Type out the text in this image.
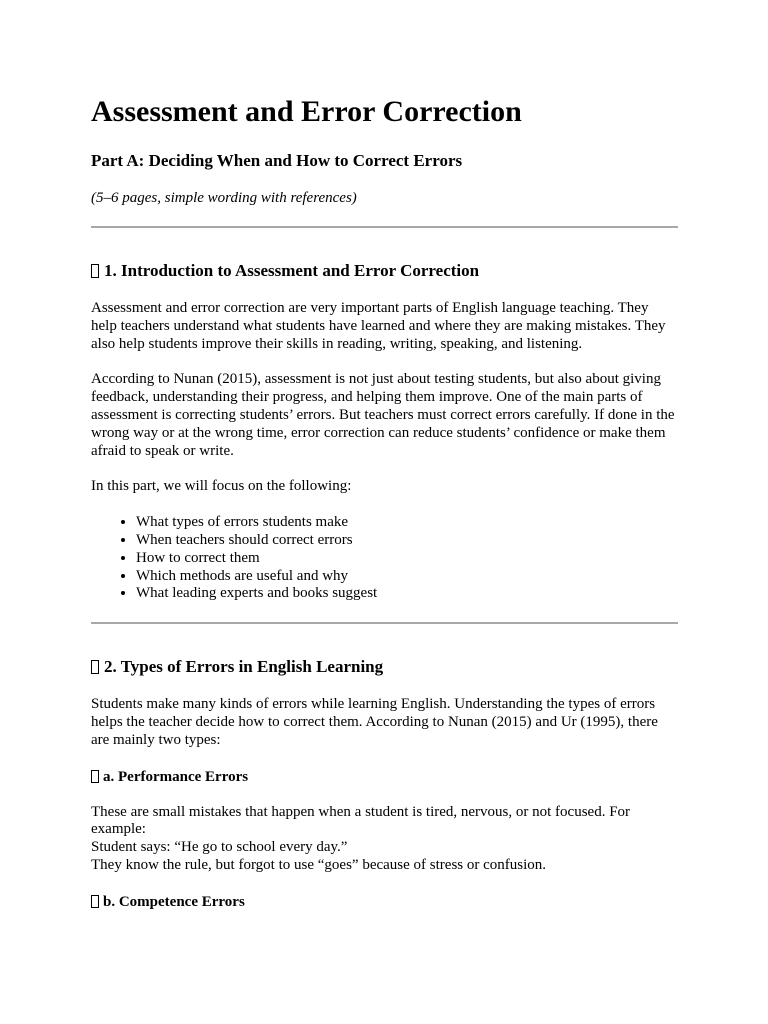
Assessment and Error Correction
Part A: Deciding When and How to Correct Errors

(5–6 pages, simple wording with references)

1. Introduction to Assessment and Error Correction

Assessment and error correction are very important parts of English language teaching. They help teachers understand what students have learned and where they are making mistakes. They also help students improve their skills in reading, writing, speaking, and listening.

According to Nunan (2015), assessment is not just about testing students, but also about giving feedback, understanding their progress, and helping them improve. One of the main parts of assessment is correcting students’ errors. But teachers must correct errors carefully. If done in the wrong way or at the wrong time, error correction can reduce students’ confidence or make them afraid to speak or write.

In this part, we will focus on the following:

• What types of errors students make
• When teachers should correct errors
• How to correct them
• Which methods are useful and why
• What leading experts and books suggest
2. Types of Errors in English Learning

Students make many kinds of errors while learning English. Understanding the types of errors helps the teacher decide how to correct them. According to Nunan (2015) and Ur (1995), there are mainly two types:

a. Performance Errors

These are small mistakes that happen when a student is tired, nervous, or not focused. For example:
Student says: “He go to school every day.”
They know the rule, but forgot to use “goes” because of stress or confusion.

b. Competence Errors
